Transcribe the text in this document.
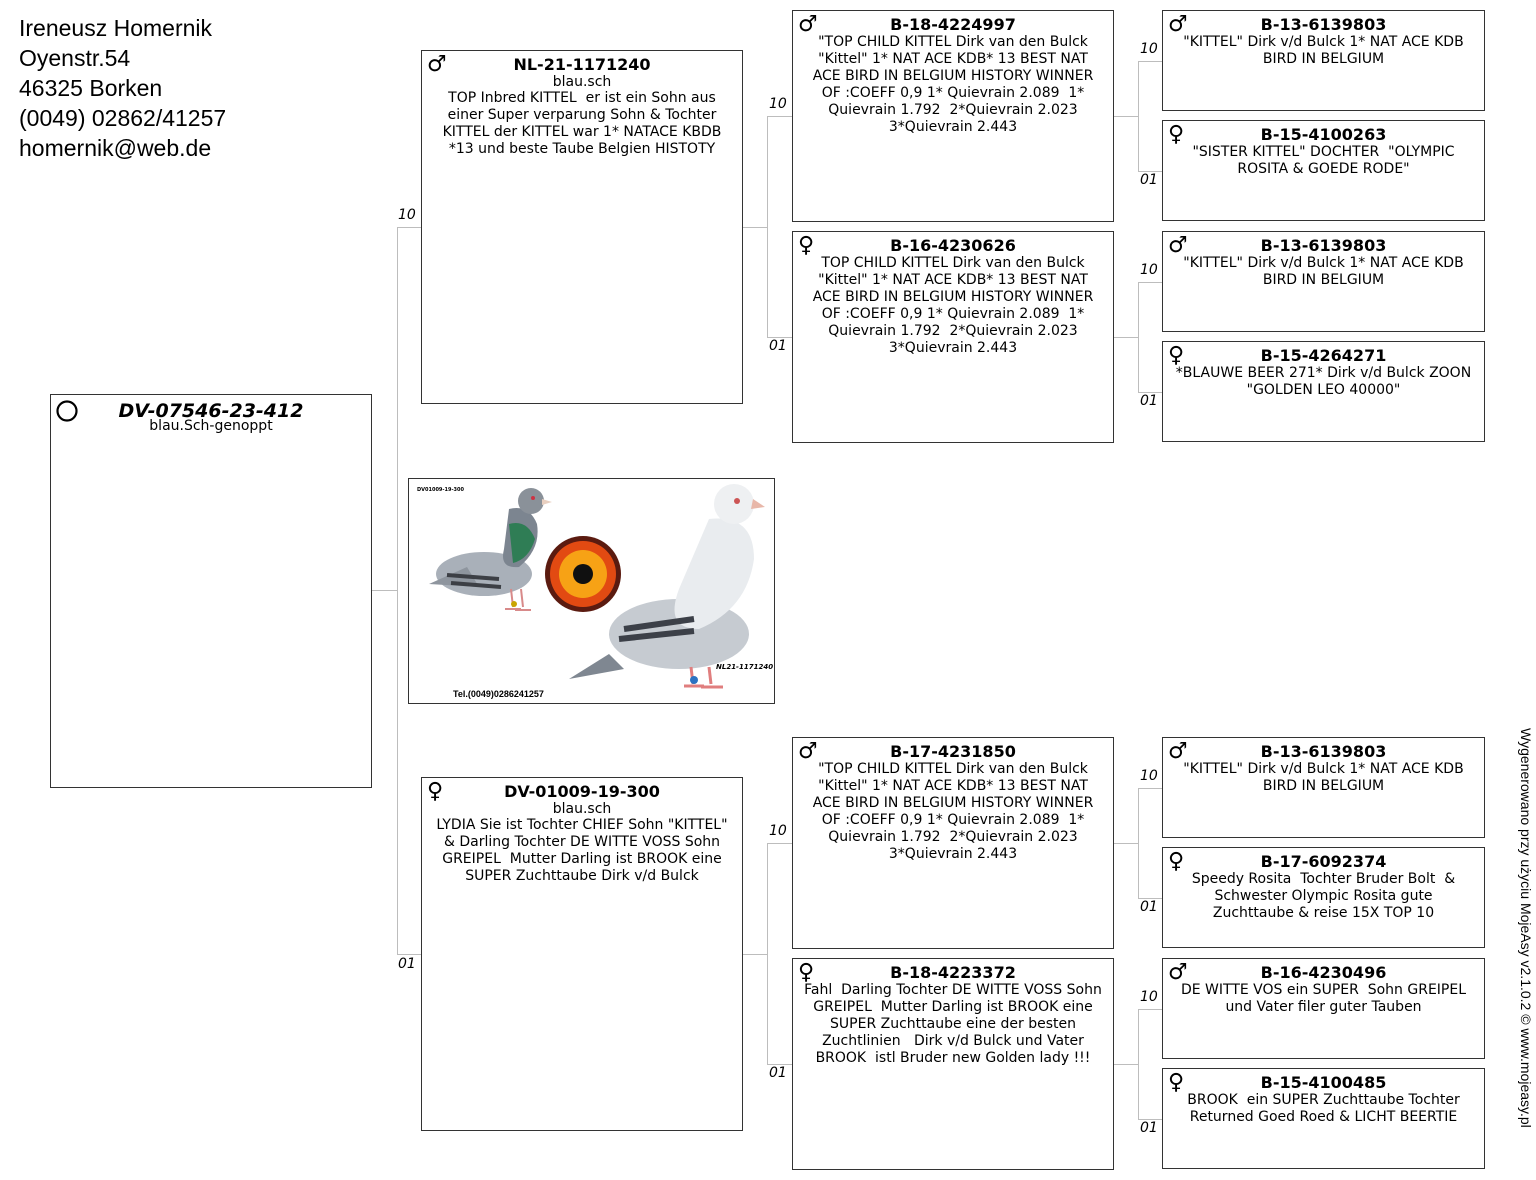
Ireneusz Homernik
Oyenstr.54
46325 Borken
(0049) 02862/41257
homernik@web.de
10
01
10
01
10
01
10
01
10
01
10
01
10
01
DV-07546-23-412
blau.Sch-genoppt
♂	NL-21-1171240
blau.sch
TOP Inbred KITTEL  er ist ein Sohn aus einer Super verparung Sohn & Tochter KITTEL der KITTEL war 1* NATACE KBDB *13 und beste Taube Belgien HISTOTY
♀	DV-01009-19-300
blau.sch
LYDIA Sie ist Tochter CHIEF Sohn "KITTEL" & Darling Tochter DE WITTE VOSS Sohn GREIPEL  Mutter Darling ist BROOK eine SUPER Zuchttaube Dirk v/d Bulck
DV01009-19-300
NL21-1171240
Tel.(0049)0286241257
♂	B-18-4224997
"TOP CHILD KITTEL Dirk van den Bulck "Kittel" 1* NAT ACE KDB* 13 BEST NAT ACE BIRD IN BELGIUM HISTORY WINNER OF :COEFF 0,9 1* Quievrain 2.089  1* Quievrain 1.792  2*Quievrain 2.023  3*Quievrain 2.443
♀	B-16-4230626
TOP CHILD KITTEL Dirk van den Bulck "Kittel" 1* NAT ACE KDB* 13 BEST NAT ACE BIRD IN BELGIUM HISTORY WINNER OF :COEFF 0,9 1* Quievrain 2.089  1* Quievrain 1.792  2*Quievrain 2.023  3*Quievrain 2.443
♂	B-17-4231850
"TOP CHILD KITTEL Dirk van den Bulck "Kittel" 1* NAT ACE KDB* 13 BEST NAT ACE BIRD IN BELGIUM HISTORY WINNER OF :COEFF 0,9 1* Quievrain 2.089  1* Quievrain 1.792  2*Quievrain 2.023  3*Quievrain 2.443
♀	B-18-4223372
Fahl  Darling Tochter DE WITTE VOSS Sohn GREIPEL  Mutter Darling ist BROOK eine SUPER Zuchttaube eine der besten Zuchtlinien   Dirk v/d Bulck und Vater BROOK  istl Bruder new Golden lady !!!
♂	B-13-6139803
"KITTEL" Dirk v/d Bulck 1* NAT ACE KDB BIRD IN BELGIUM
♀	B-15-4100263
"SISTER KITTEL" DOCHTER  "OLYMPIC ROSITA & GOEDE RODE"
♂	B-13-6139803
"KITTEL" Dirk v/d Bulck 1* NAT ACE KDB BIRD IN BELGIUM
♀	B-15-4264271
*BLAUWE BEER 271* Dirk v/d Bulck ZOON "GOLDEN LEO 40000"
♂	B-13-6139803
"KITTEL" Dirk v/d Bulck 1* NAT ACE KDB BIRD IN BELGIUM
♀	B-17-6092374
Speedy Rosita  Tochter Bruder Bolt  & Schwester Olympic Rosita gute Zuchttaube & reise 15X TOP 10
♂	B-16-4230496
DE WITTE VOS ein SUPER  Sohn GREIPEL  und Vater filer guter Tauben
♀	B-15-4100485
BROOK  ein SUPER Zuchttaube Tochter Returned Goed Roed & LICHT BEERTIE	Wygenerowano przy użyciu MojeAsy v2.1.0.2 © www.mojeasy.pl
